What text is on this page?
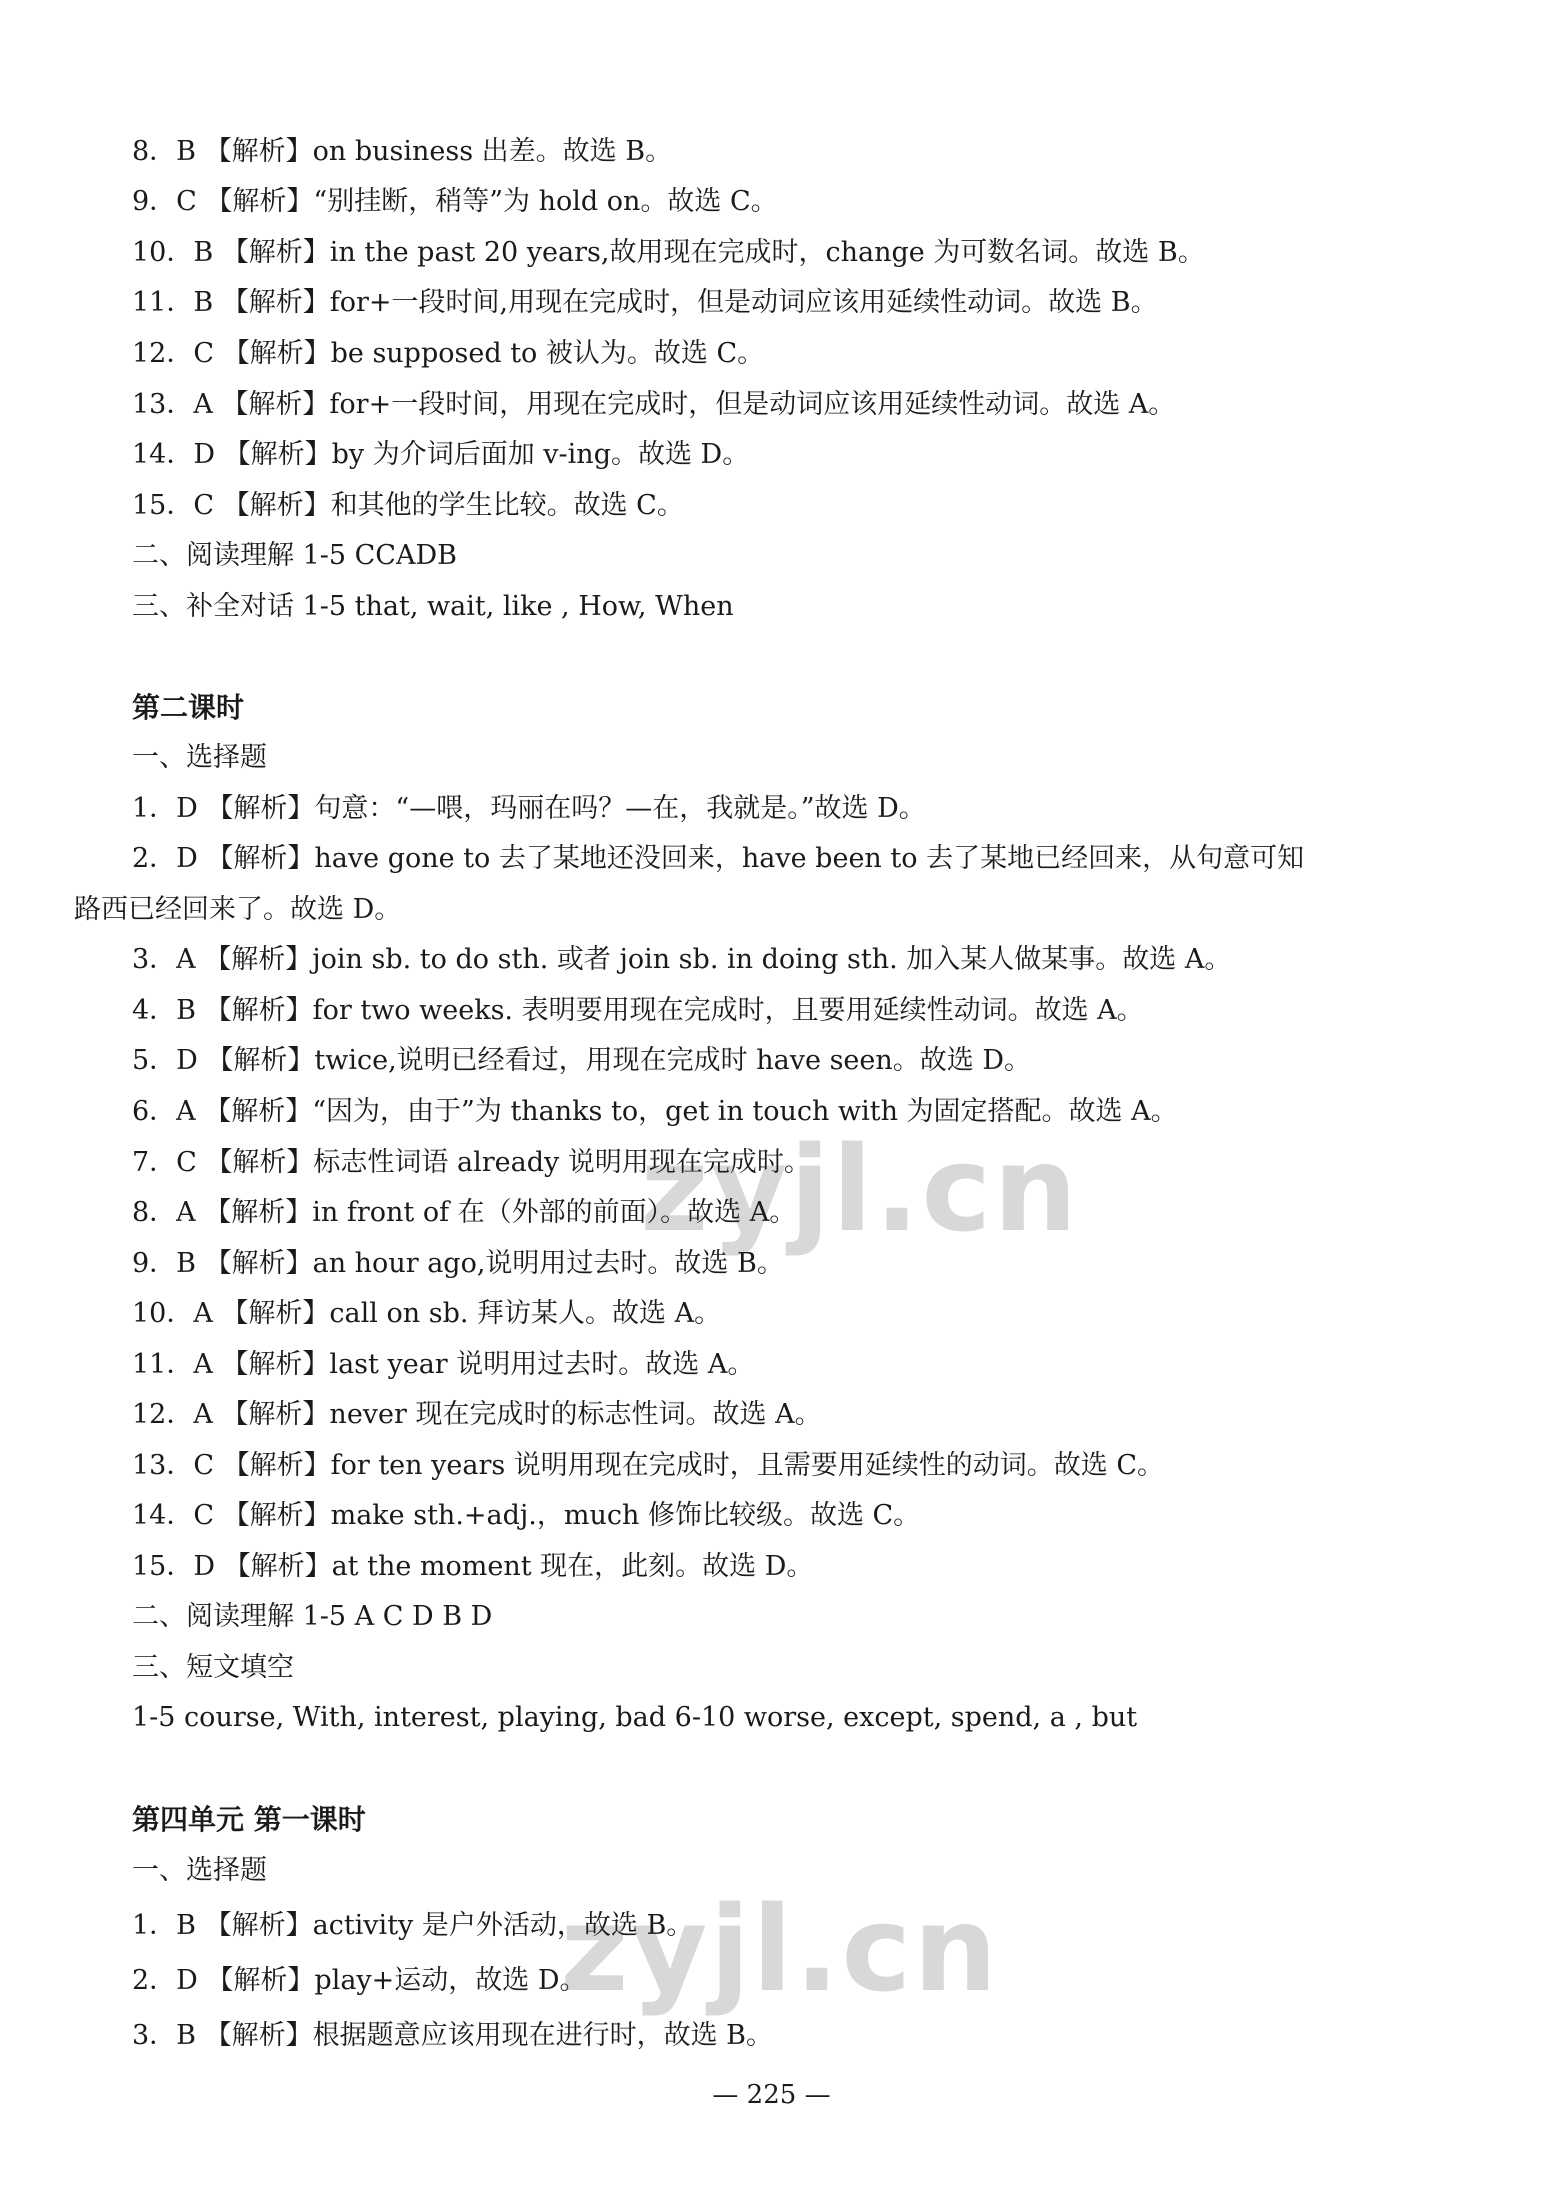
8．B 【解析】on business 出差。故选 B。
9．C 【解析】“别挂断，稍等”为 hold on。故选 C。
10．B 【解析】in the past 20 years,故用现在完成时，change 为可数名词。故选 B。
11．B 【解析】for+一段时间,用现在完成时，但是动词应该用延续性动词。故选 B。
12．C 【解析】be supposed to 被认为。故选 C。
13．A 【解析】for+一段时间，用现在完成时，但是动词应该用延续性动词。故选 A。
14．D 【解析】by 为介词后面加 v-ing。故选 D。
15．C 【解析】和其他的学生比较。故选 C。
二、阅读理解 1-5 CCADB
三、补全对话 1-5 that, wait, like , How, When
第二课时
一、选择题
1．D 【解析】句意：“—喂，玛丽在吗？—在，我就是。”故选 D。
2．D 【解析】have gone to 去了某地还没回来，have been to 去了某地已经回来，从句意可知
路西已经回来了。故选 D。
3．A 【解析】join sb. to do sth. 或者 join sb. in doing sth. 加入某人做某事。故选 A。
4．B 【解析】for two weeks. 表明要用现在完成时，且要用延续性动词。故选 A。
5．D 【解析】twice,说明已经看过，用现在完成时 have seen。故选 D。
6．A 【解析】“因为，由于”为 thanks to，get in touch with 为固定搭配。故选 A。
7．C 【解析】标志性词语 already 说明用现在完成时。
8．A 【解析】in front of 在（外部的前面）。故选 A。
9．B 【解析】an hour ago,说明用过去时。故选 B。
10．A 【解析】call on sb. 拜访某人。故选 A。
11．A 【解析】last year 说明用过去时。故选 A。
12．A 【解析】never 现在完成时的标志性词。故选 A。
13．C 【解析】for ten years 说明用现在完成时，且需要用延续性的动词。故选 C。
14．C 【解析】make sth.+adj.，much 修饰比较级。故选 C。
15．D 【解析】at the moment 现在，此刻。故选 D。
二、阅读理解 1-5 A C D B D
三、短文填空
1-5 course, With, interest, playing, bad 6-10 worse, except, spend, a , but
第四单元 第一课时
一、选择题
1．B 【解析】activity 是户外活动，故选 B。
2．D 【解析】play+运动，故选 D。
3．B 【解析】根据题意应该用现在进行时，故选 B。
— 225 —
zyjl.cn
zyjl.cn
